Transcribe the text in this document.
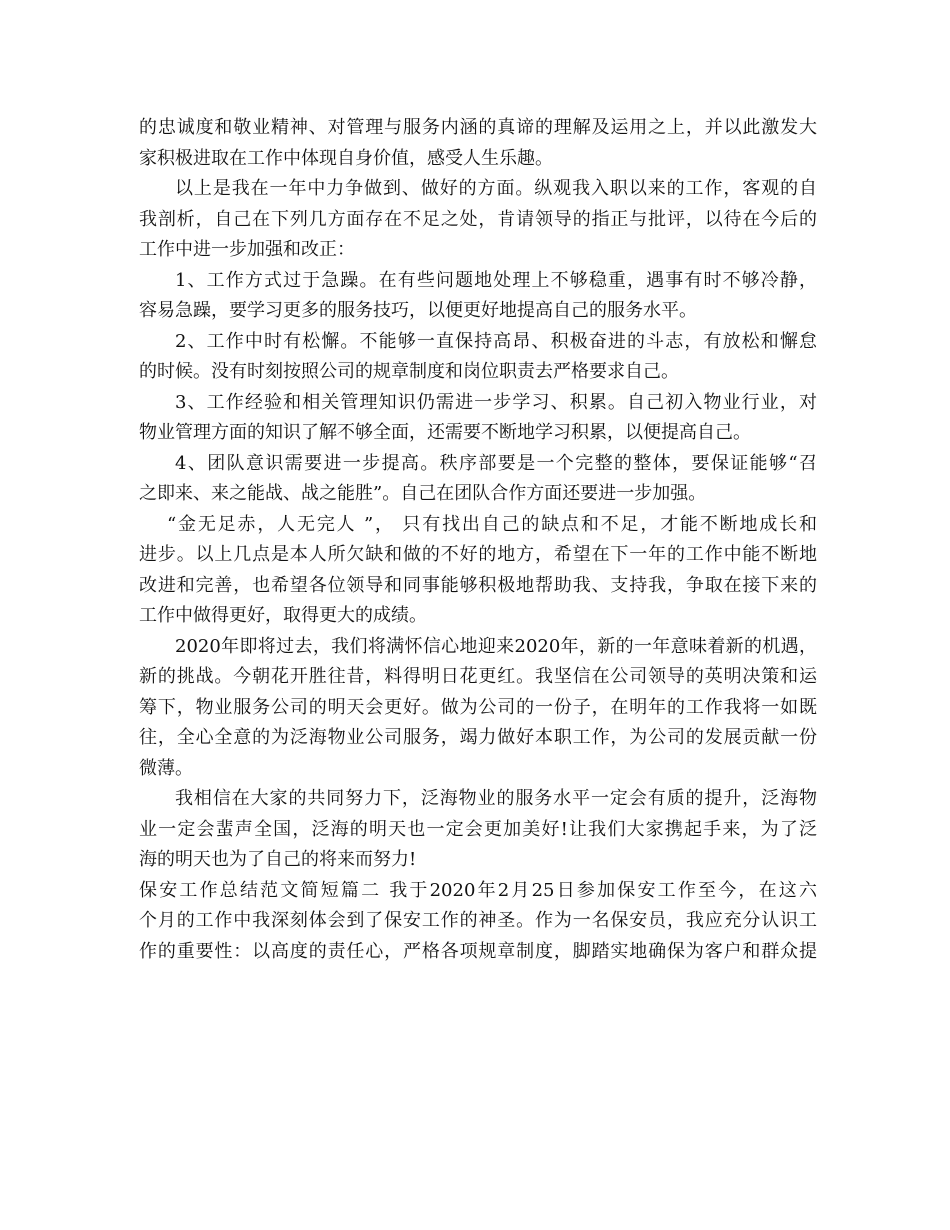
的忠诚度和敬业精神、对管理与服务内涵的真谛的理解及运用之上，并以此激发大
家积极进取在工作中体现自身价值，感受人生乐趣。
以上是我在一年中力争做到、做好的方面。纵观我入职以来的工作，客观的自
我剖析，自己在下列几方面存在不足之处，肯请领导的指正与批评，以待在今后的
工作中进一步加强和改正：
1、工作方式过于急躁。在有些问题地处理上不够稳重，遇事有时不够冷静，
容易急躁，要学习更多的服务技巧，以便更好地提高自己的服务水平。
2、工作中时有松懈。不能够一直保持高昂、积极奋进的斗志，有放松和懈怠
的时候。没有时刻按照公司的规章制度和岗位职责去严格要求自己。
3、工作经验和相关管理知识仍需进一步学习、积累。自己初入物业行业，对
物业管理方面的知识了解不够全面，还需要不断地学习积累，以便提高自己。
4、团队意识需要进一步提高。秩序部要是一个完整的整体，要保证能够“召
之即来、来之能战、战之能胜”。自己在团队合作方面还要进一步加强。
“金无足赤，人无完人 ”， 只有找出自己的缺点和不足，才能不断地成长和
进步。以上几点是本人所欠缺和做的不好的地方，希望在下一年的工作中能不断地
改进和完善，也希望各位领导和同事能够积极地帮助我、支持我，争取在接下来的
工作中做得更好，取得更大的成绩。
2020年即将过去，我们将满怀信心地迎来2020年，新的一年意味着新的机遇，
新的挑战。今朝花开胜往昔，料得明日花更红。我坚信在公司领导的英明决策和运
筹下，物业服务公司的明天会更好。做为公司的一份子，在明年的工作我将一如既
往，全心全意的为泛海物业公司服务，竭力做好本职工作，为公司的发展贡献一份
微薄。
我相信在大家的共同努力下，泛海物业的服务水平一定会有质的提升，泛海物
业一定会蜚声全国，泛海的明天也一定会更加美好!让我们大家携起手来，为了泛
海的明天也为了自己的将来而努力!
保安工作总结范文简短篇二 我于2020年2月25日参加保安工作至今，在这六
个月的工作中我深刻体会到了保安工作的神圣。作为一名保安员，我应充分认识工
作的重要性：以高度的责任心，严格各项规章制度，脚踏实地确保为客户和群众提
